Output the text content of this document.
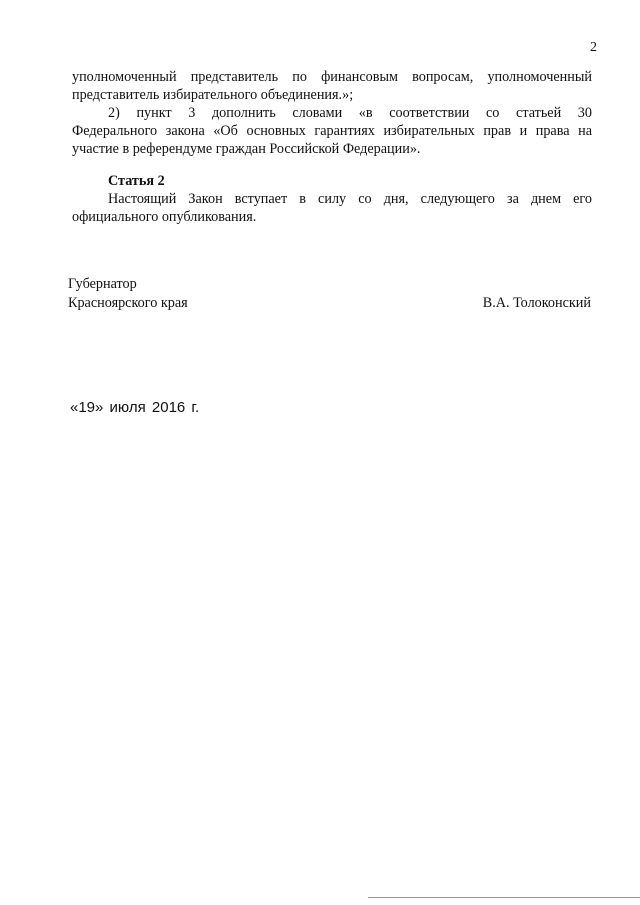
2
уполномоченный представитель по финансовым вопросам, уполномоченный
представитель избирательного объединения.»;
2) пункт 3 дополнить словами «в соответствии со статьей 30
Федерального закона «Об основных гарантиях избирательных прав и права на
участие в референдуме граждан Российской Федерации».
Статья 2
Настоящий Закон вступает в силу со дня, следующего за днем его
официального опубликования.
Губернатор
Красноярского края	В.А. Толоконский
«19» июля 2016 г.
